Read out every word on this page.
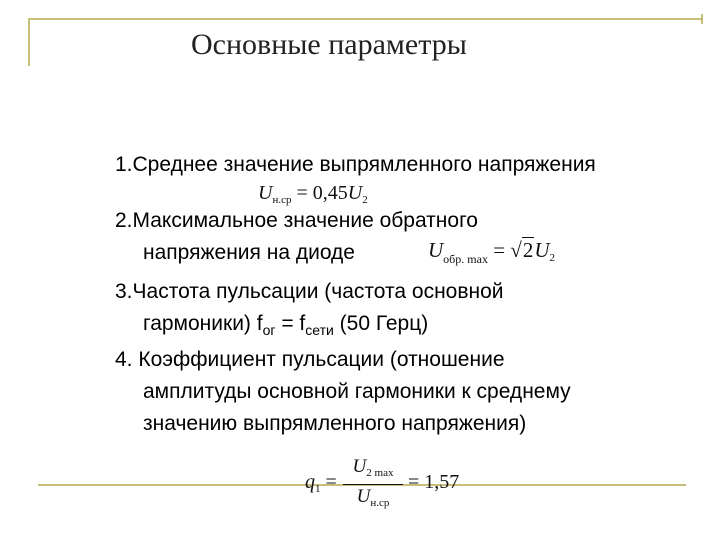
Основные параметры
1.Среднее значение выпрямленного напряжения
$U_{н.ср} = 0,45U_2$
2.Максимальное значение обратного
напряжения на диоде	$U_{обр. max} = √2U_2$
3.Частота пульсации (частота основной
гармоники) $f_{ог} = f_{сети}$ (50 Герц)
4. Коэффициент пульсации (отношение
амплитуды основной гармоники к среднему
значению выпрямленного напряжения)
$q_1$ =
$U_{2 max}$
$U_{н.ср}$
= 1,57
